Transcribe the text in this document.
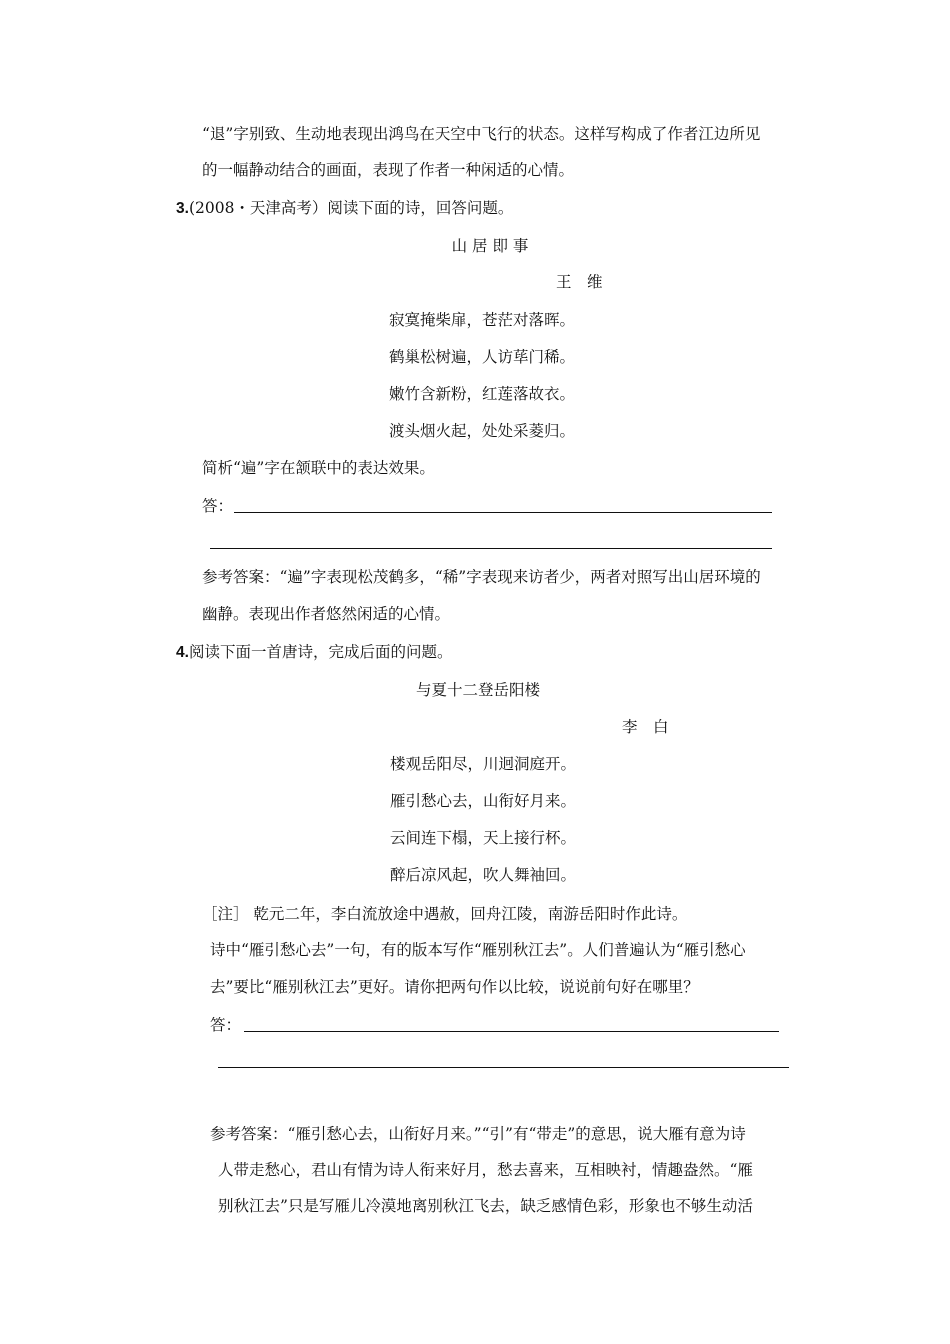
“退”字别致、生动地表现出鸿鸟在天空中飞行的状态。这样写构成了作者江边所见
的一幅静动结合的画面，表现了作者一种闲适的心情。
3.(2008・天津高考）阅读下面的诗，回答问题。
山 居 即 事
王　维
寂寞掩柴扉，苍茫对落晖。
鹤巢松树遍，人访荜门稀。
嫩竹含新粉，红莲落故衣。
渡头烟火起，处处采菱归。
简析“遍”字在颔联中的表达效果。
答：
参考答案：“遍”字表现松茂鹤多，“稀”字表现来访者少，两者对照写出山居环境的
幽静。表现出作者悠然闲适的心情。
4.阅读下面一首唐诗，完成后面的问题。
与夏十二登岳阳楼
李　白
楼观岳阳尽，川迥洞庭开。
雁引愁心去，山衔好月来。
云间连下榻，天上接行杯。
醉后凉风起，吹人舞袖回。
［注］ 乾元二年，李白流放途中遇赦，回舟江陵，南游岳阳时作此诗。
诗中“雁引愁心去”一句，有的版本写作“雁别秋江去”。人们普遍认为“雁引愁心
去”要比“雁别秋江去”更好。请你把两句作以比较，说说前句好在哪里？
答：
参考答案：“雁引愁心去，山衔好月来。”“引”有“带走”的意思，说大雁有意为诗
人带走愁心，君山有情为诗人衔来好月，愁去喜来，互相映衬，情趣盎然。“雁
别秋江去”只是写雁儿冷漠地离别秋江飞去，缺乏感情色彩，形象也不够生动活
